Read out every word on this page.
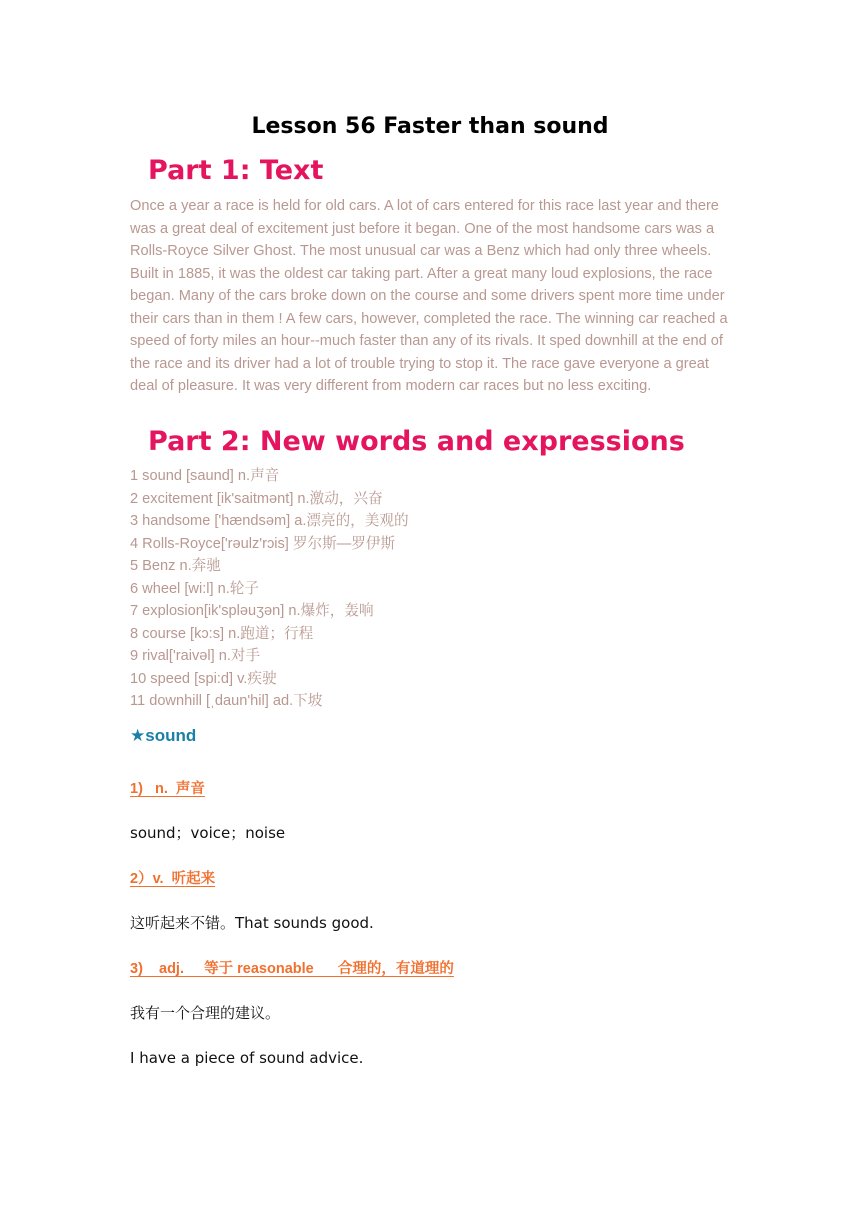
Lesson 56 Faster than sound
Part 1: Text
Once a year a race is held for old cars. A lot of cars entered for this race last year and there was a great deal of excitement just before it began. One of the most handsome cars was a Rolls-Royce Silver Ghost. The most unusual car was a Benz which had only three wheels. Built in 1885, it was the oldest car taking part. After a great many loud explosions, the race began. Many of the cars broke down on the course and some drivers spent more time under their cars than in them ! A few cars, however, completed the race. The winning car reached a speed of forty miles an hour--much faster than any of its rivals. It sped downhill at the end of the race and its driver had a lot of trouble trying to stop it. The race gave everyone a great deal of pleasure. It was very different from modern car races but no less exciting.
Part 2: New words and expressions
1 sound [saund] n.声音
2 excitement [ik'saitmənt] n.激动，兴奋
3 handsome ['hændsəm] a.漂亮的，美观的
4 Rolls-Royce['rəulz'rɔis] 罗尔斯—罗伊斯
5 Benz n.奔驰
6 wheel [wi:l] n.轮子
7 explosion[ik'spləuʒən] n.爆炸，轰响
8 course [kɔ:s] n.跑道；行程
9 rival['raivəl] n.对手
10 speed [spi:d] v.疾驶
11 downhill [ˌdaun'hil] ad.下坡
★sound
1)   n.  声音
sound；voice；noise
2）v.  听起来
这听起来不错。That sounds good.
3)    adj.     等于 reasonable      合理的，有道理的
我有一个合理的建议。
I have a piece of sound advice.
